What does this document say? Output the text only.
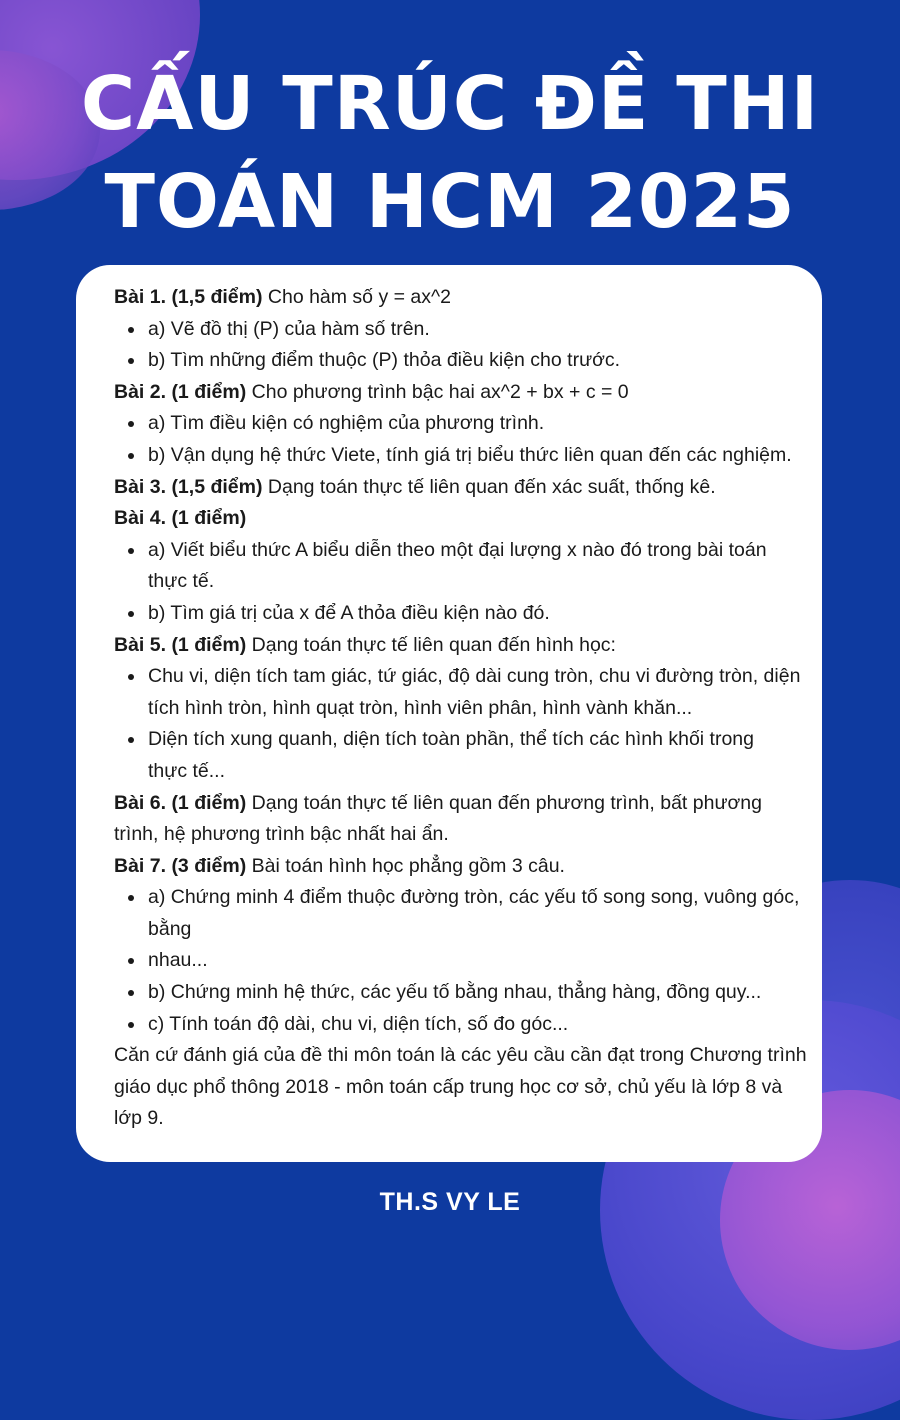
CẤU TRÚC ĐỀ THI
TOÁN HCM 2025
Bài 1. (1,5 điểm) Cho hàm số y = ax^2
a) Vẽ đồ thị (P) của hàm số trên.
b) Tìm những điểm thuộc (P) thỏa điều kiện cho trước.
Bài 2. (1 điểm) Cho phương trình bậc hai ax^2 + bx + c = 0
a) Tìm điều kiện có nghiệm của phương trình.
b) Vận dụng hệ thức Viete, tính giá trị biểu thức liên quan đến các nghiệm.
Bài 3. (1,5 điểm) Dạng toán thực tế liên quan đến xác suất, thống kê.
Bài 4. (1 điểm)
a) Viết biểu thức A biểu diễn theo một đại lượng x nào đó trong bài toán
thực tế.
b) Tìm giá trị của x để A thỏa điều kiện nào đó.
Bài 5. (1 điểm) Dạng toán thực tế liên quan đến hình học:
Chu vi, diện tích tam giác, tứ giác, độ dài cung tròn, chu vi đường tròn, diện
tích hình tròn, hình quạt tròn, hình viên phân, hình vành khăn...
Diện tích xung quanh, diện tích toàn phần, thể tích các hình khối trong
thực tế...
Bài 6. (1 điểm) Dạng toán thực tế liên quan đến phương trình, bất phương
trình, hệ phương trình bậc nhất hai ẩn.
Bài 7. (3 điểm) Bài toán hình học phẳng gồm 3 câu.
a) Chứng minh 4 điểm thuộc đường tròn, các yếu tố song song, vuông góc,
bằng
nhau...
b) Chứng minh hệ thức, các yếu tố bằng nhau, thẳng hàng, đồng quy...
c) Tính toán độ dài, chu vi, diện tích, số đo góc...
Căn cứ đánh giá của đề thi môn toán là các yêu cầu cần đạt trong Chương trình
giáo dục phổ thông 2018 - môn toán cấp trung học cơ sở, chủ yếu là lớp 8 và
lớp 9.
TH.S VY LE
